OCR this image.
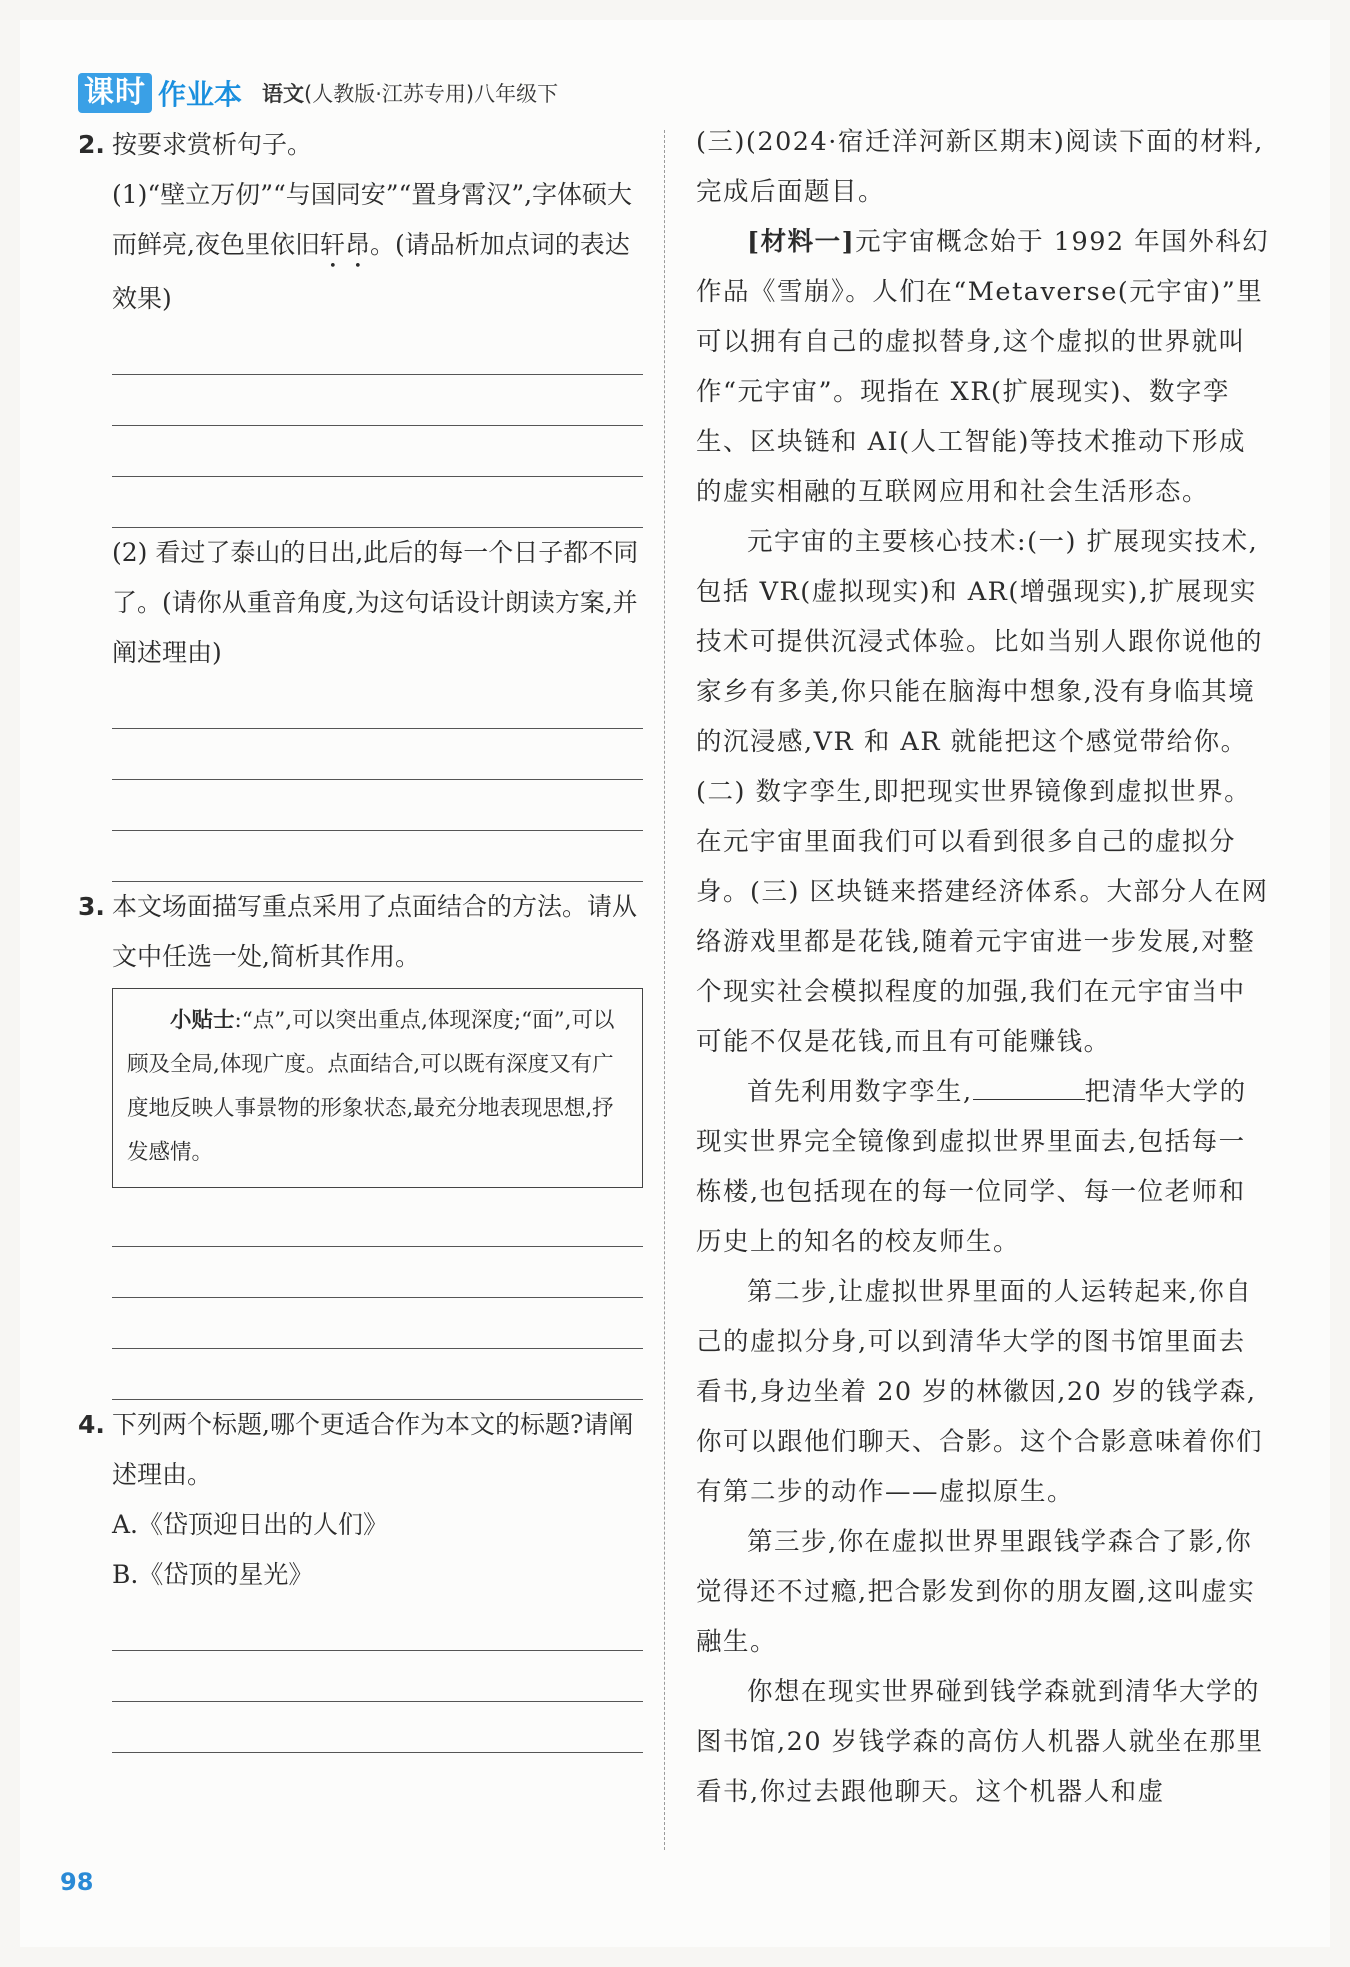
课时 作业本 语文(人教版·江苏专用)八年级下

2. 按要求赏析句子。

(1)“壁立万仞”“与国同安”“置身霄汉”,字体硕大而鲜亮,夜色里依旧轩昂。(请品析加点词的表达效果)

(2) 看过了泰山的日出,此后的每一个日子都不同了。(请你从重音角度,为这句话设计朗读方案,并阐述理由)

3. 本文场面描写重点采用了点面结合的方法。请从文中任选一处,简析其作用。

小贴士:“点”,可以突出重点,体现深度;“面”,可以顾及全局,体现广度。点面结合,可以既有深度又有广度地反映人事景物的形象状态,最充分地表现思想,抒发感情。

4. 下列两个标题,哪个更适合作为本文的标题?请阐述理由。

A.《岱顶迎日出的人们》

B.《岱顶的星光》

(三)(2024·宿迁洋河新区期末)阅读下面的材料,完成后面题目。

[材料一]元宇宙概念始于 1992 年国外科幻作品《雪崩》。人们在“Metaverse(元宇宙)”里可以拥有自己的虚拟替身,这个虚拟的世界就叫作“元宇宙”。现指在 XR(扩展现实)、数字孪生、区块链和 AI(人工智能)等技术推动下形成的虚实相融的互联网应用和社会生活形态。

元宇宙的主要核心技术:(一) 扩展现实技术,包括 VR(虚拟现实)和 AR(增强现实),扩展现实技术可提供沉浸式体验。比如当别人跟你说他的家乡有多美,你只能在脑海中想象,没有身临其境的沉浸感,VR 和 AR 就能把这个感觉带给你。(二) 数字孪生,即把现实世界镜像到虚拟世界。在元宇宙里面我们可以看到很多自己的虚拟分身。(三) 区块链来搭建经济体系。大部分人在网络游戏里都是花钱,随着元宇宙进一步发展,对整个现实社会模拟程度的加强,我们在元宇宙当中可能不仅是花钱,而且有可能赚钱。

首先利用数字孪生,	把清华大学的现实世界完全镜像到虚拟世界里面去,包括每一栋楼,也包括现在的每一位同学、每一位老师和历史上的知名的校友师生。

第二步,让虚拟世界里面的人运转起来,你自己的虚拟分身,可以到清华大学的图书馆里面去看书,身边坐着 20 岁的林徽因,20 岁的钱学森,你可以跟他们聊天、合影。这个合影意味着你们有第二步的动作——虚拟原生。

第三步,你在虚拟世界里跟钱学森合了影,你觉得还不过瘾,把合影发到你的朋友圈,这叫虚实融生。

你想在现实世界碰到钱学森就到清华大学的图书馆,20 岁钱学森的高仿人机器人就坐在那里看书,你过去跟他聊天。这个机器人和虚

98
